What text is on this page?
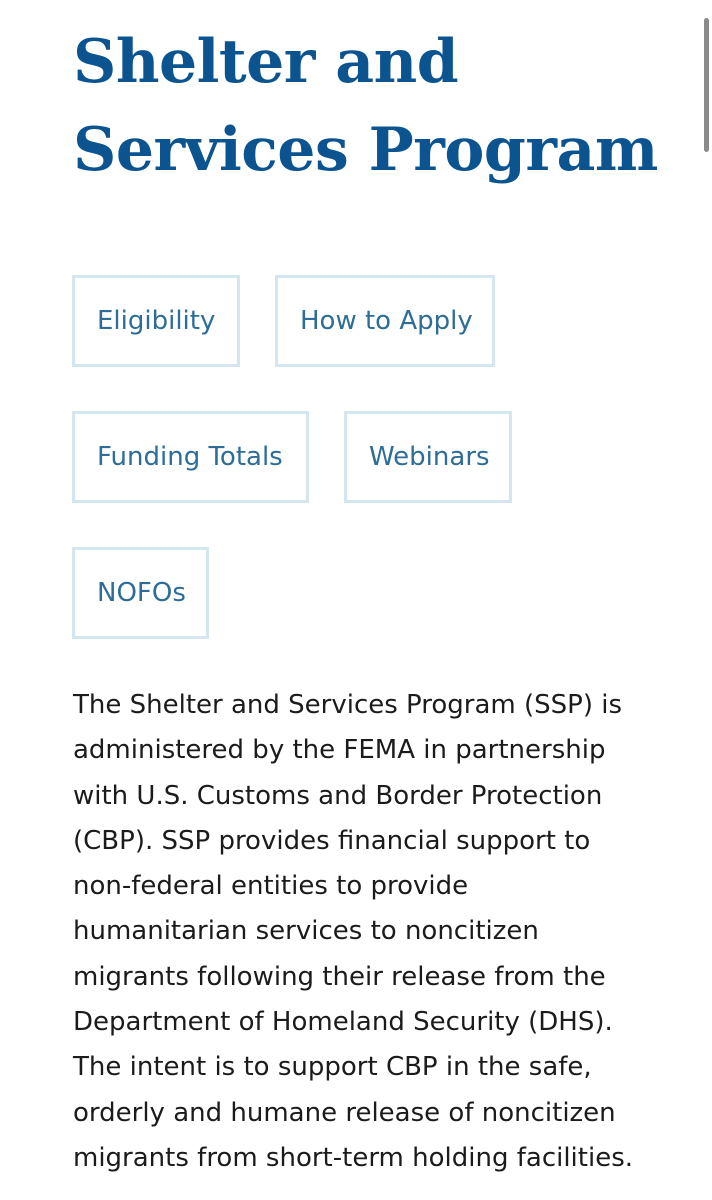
Shelter and Services Program
Eligibility	How to Apply
Funding Totals	Webinars
NOFOs

The Shelter and Services Program (SSP) is administered by the FEMA in partnership with U.S. Customs and Border Protection (CBP). SSP provides financial support to non-federal entities to provide humanitarian services to noncitizen migrants following their release from the Department of Homeland Security (DHS). The intent is to support CBP in the safe, orderly and humane release of noncitizen migrants from short-term holding facilities.
